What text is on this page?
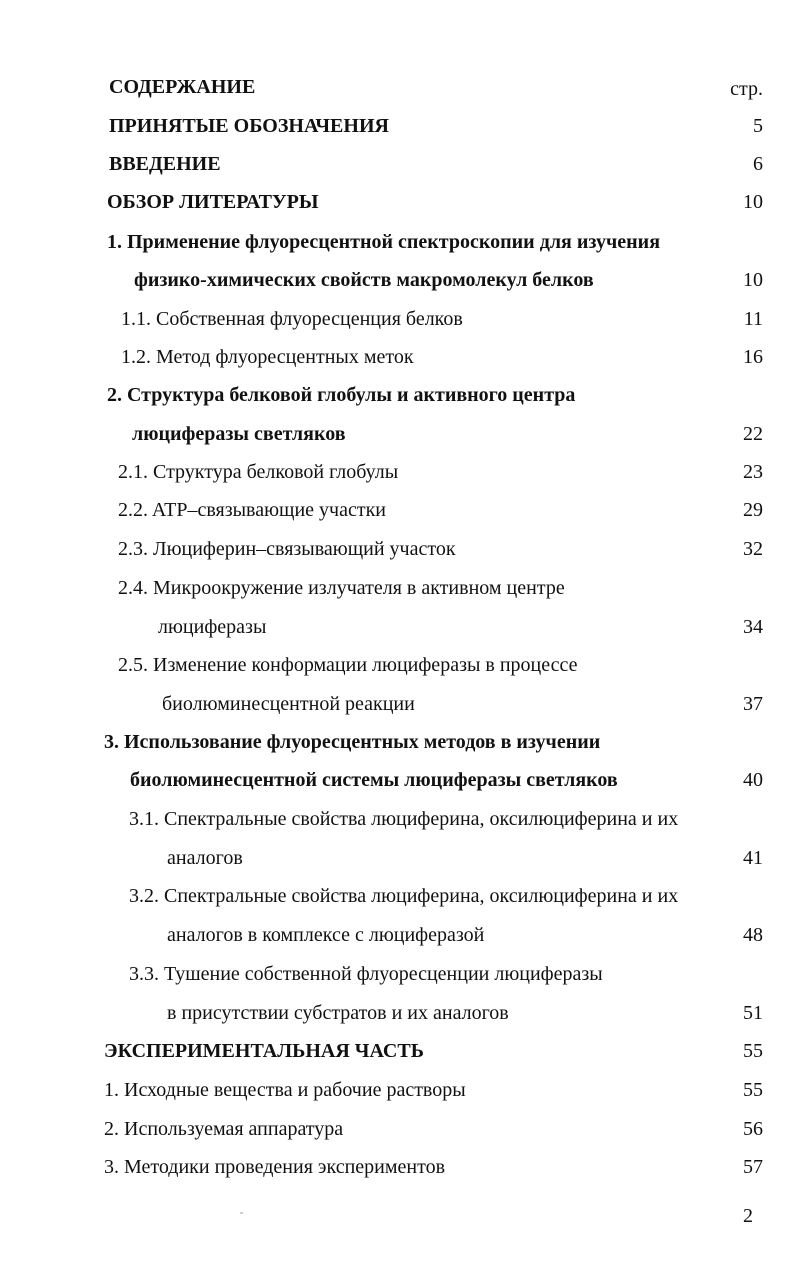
СОДЕРЖАНИЕ	стр.
ПРИНЯТЫЕ ОБОЗНАЧЕНИЯ	5
ВВЕДЕНИЕ	6
ОБЗОР ЛИТЕРАТУРЫ	10
1. Применение флуоресцентной спектроскопии для изучения
физико-химических свойств макромолекул белков	10
1.1. Собственная флуоресценция белков	11
1.2. Метод флуоресцентных меток	16
2. Структура белковой глобулы и активного центра
люциферазы светляков	22
2.1. Структура белковой глобулы	23
2.2. ATP–связывающие участки	29
2.3. Люциферин–связывающий участок	32
2.4. Микроокружение излучателя в активном центре
люциферазы	34
2.5. Изменение конформации люциферазы в процессе
биолюминесцентной реакции	37
3. Использование флуоресцентных методов в изучении
биолюминесцентной системы люциферазы светляков	40
3.1. Спектральные свойства люциферина, оксилюциферина и их
аналогов	41
3.2. Спектральные свойства люциферина, оксилюциферина и их
аналогов в комплексе с люциферазой	48
3.3. Тушение собственной флуоресценции люциферазы
в присутствии субстратов и их аналогов	51
ЭКСПЕРИМЕНТАЛЬНАЯ ЧАСТЬ	55
1. Исходные вещества и рабочие растворы	55
2. Используемая аппаратура	56
3. Методики проведения экспериментов	57
2
